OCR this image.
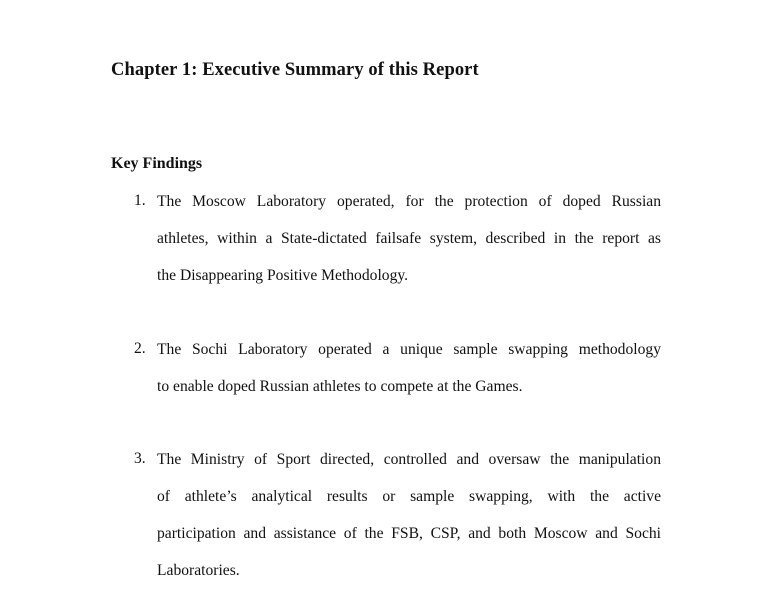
Chapter 1: Executive Summary of this Report
Key Findings
1. The Moscow Laboratory operated, for the protection of doped Russian
athletes, within a State-dictated failsafe system, described in the report as
the Disappearing Positive Methodology.
2. The Sochi Laboratory operated a unique sample swapping methodology
to enable doped Russian athletes to compete at the Games.
3. The Ministry of Sport directed, controlled and oversaw the manipulation
of athlete’s analytical results or sample swapping, with the active
participation and assistance of the FSB, CSP, and both Moscow and Sochi
Laboratories.
